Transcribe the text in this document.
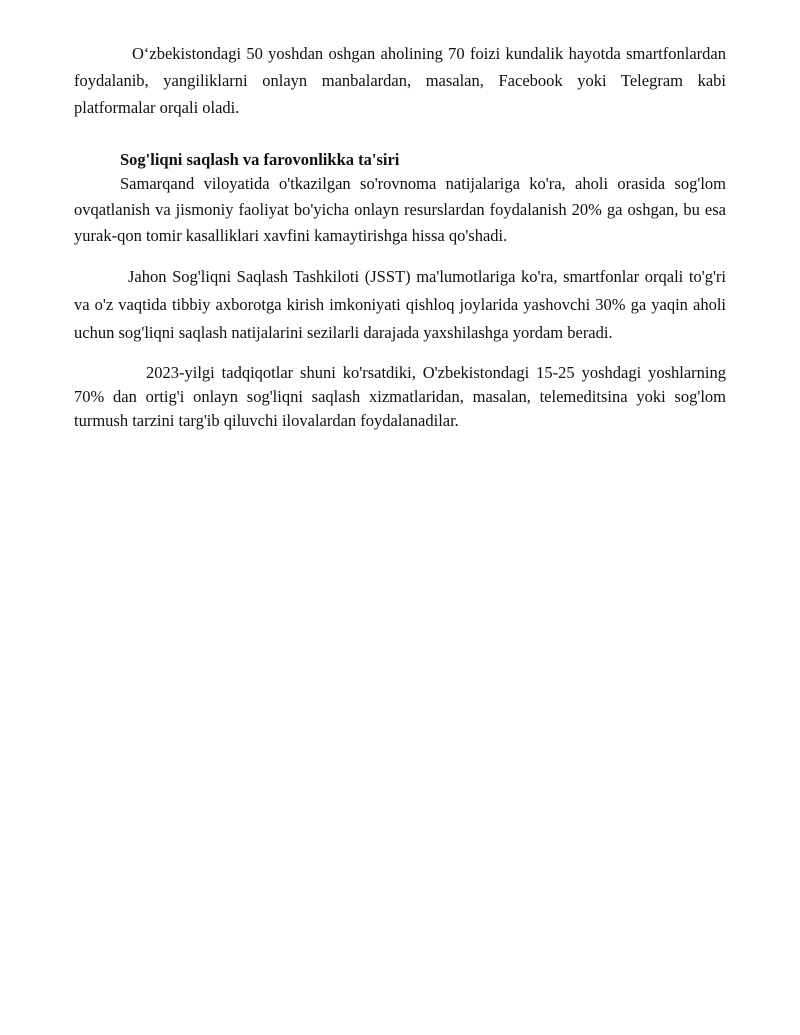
O‘zbekistondagi 50 yoshdan oshgan aholining 70 foizi kundalik hayotda smartfonlardan foydalanib, yangiliklarni onlayn manbalardan, masalan, Facebook yoki Telegram kabi platformalar orqali oladi.

Sog'liqni saqlash va farovonlikka ta'siri

Samarqand viloyatida o'tkazilgan so'rovnoma natijalariga ko'ra, aholi orasida sog'lom ovqatlanish va jismoniy faoliyat bo'yicha onlayn resurslardan foydalanish 20% ga oshgan, bu esa yurak-qon tomir kasalliklari xavfini kamaytirishga hissa qo'shadi.

Jahon Sog'liqni Saqlash Tashkiloti (JSST) ma'lumotlariga ko'ra, smartfonlar orqali to'g'ri va o'z vaqtida tibbiy axborotga kirish imkoniyati qishloq joylarida yashovchi 30% ga yaqin aholi uchun sog'liqni saqlash natijalarini sezilarli darajada yaxshilashga yordam beradi.

2023-yilgi tadqiqotlar shuni ko'rsatdiki, O'zbekistondagi 15-25 yoshdagi yoshlarning 70% dan ortig'i onlayn sog'liqni saqlash xizmatlaridan, masalan, telemeditsina yoki sog'lom turmush tarzini targ'ib qiluvchi ilovalardan foydalanadilar.
